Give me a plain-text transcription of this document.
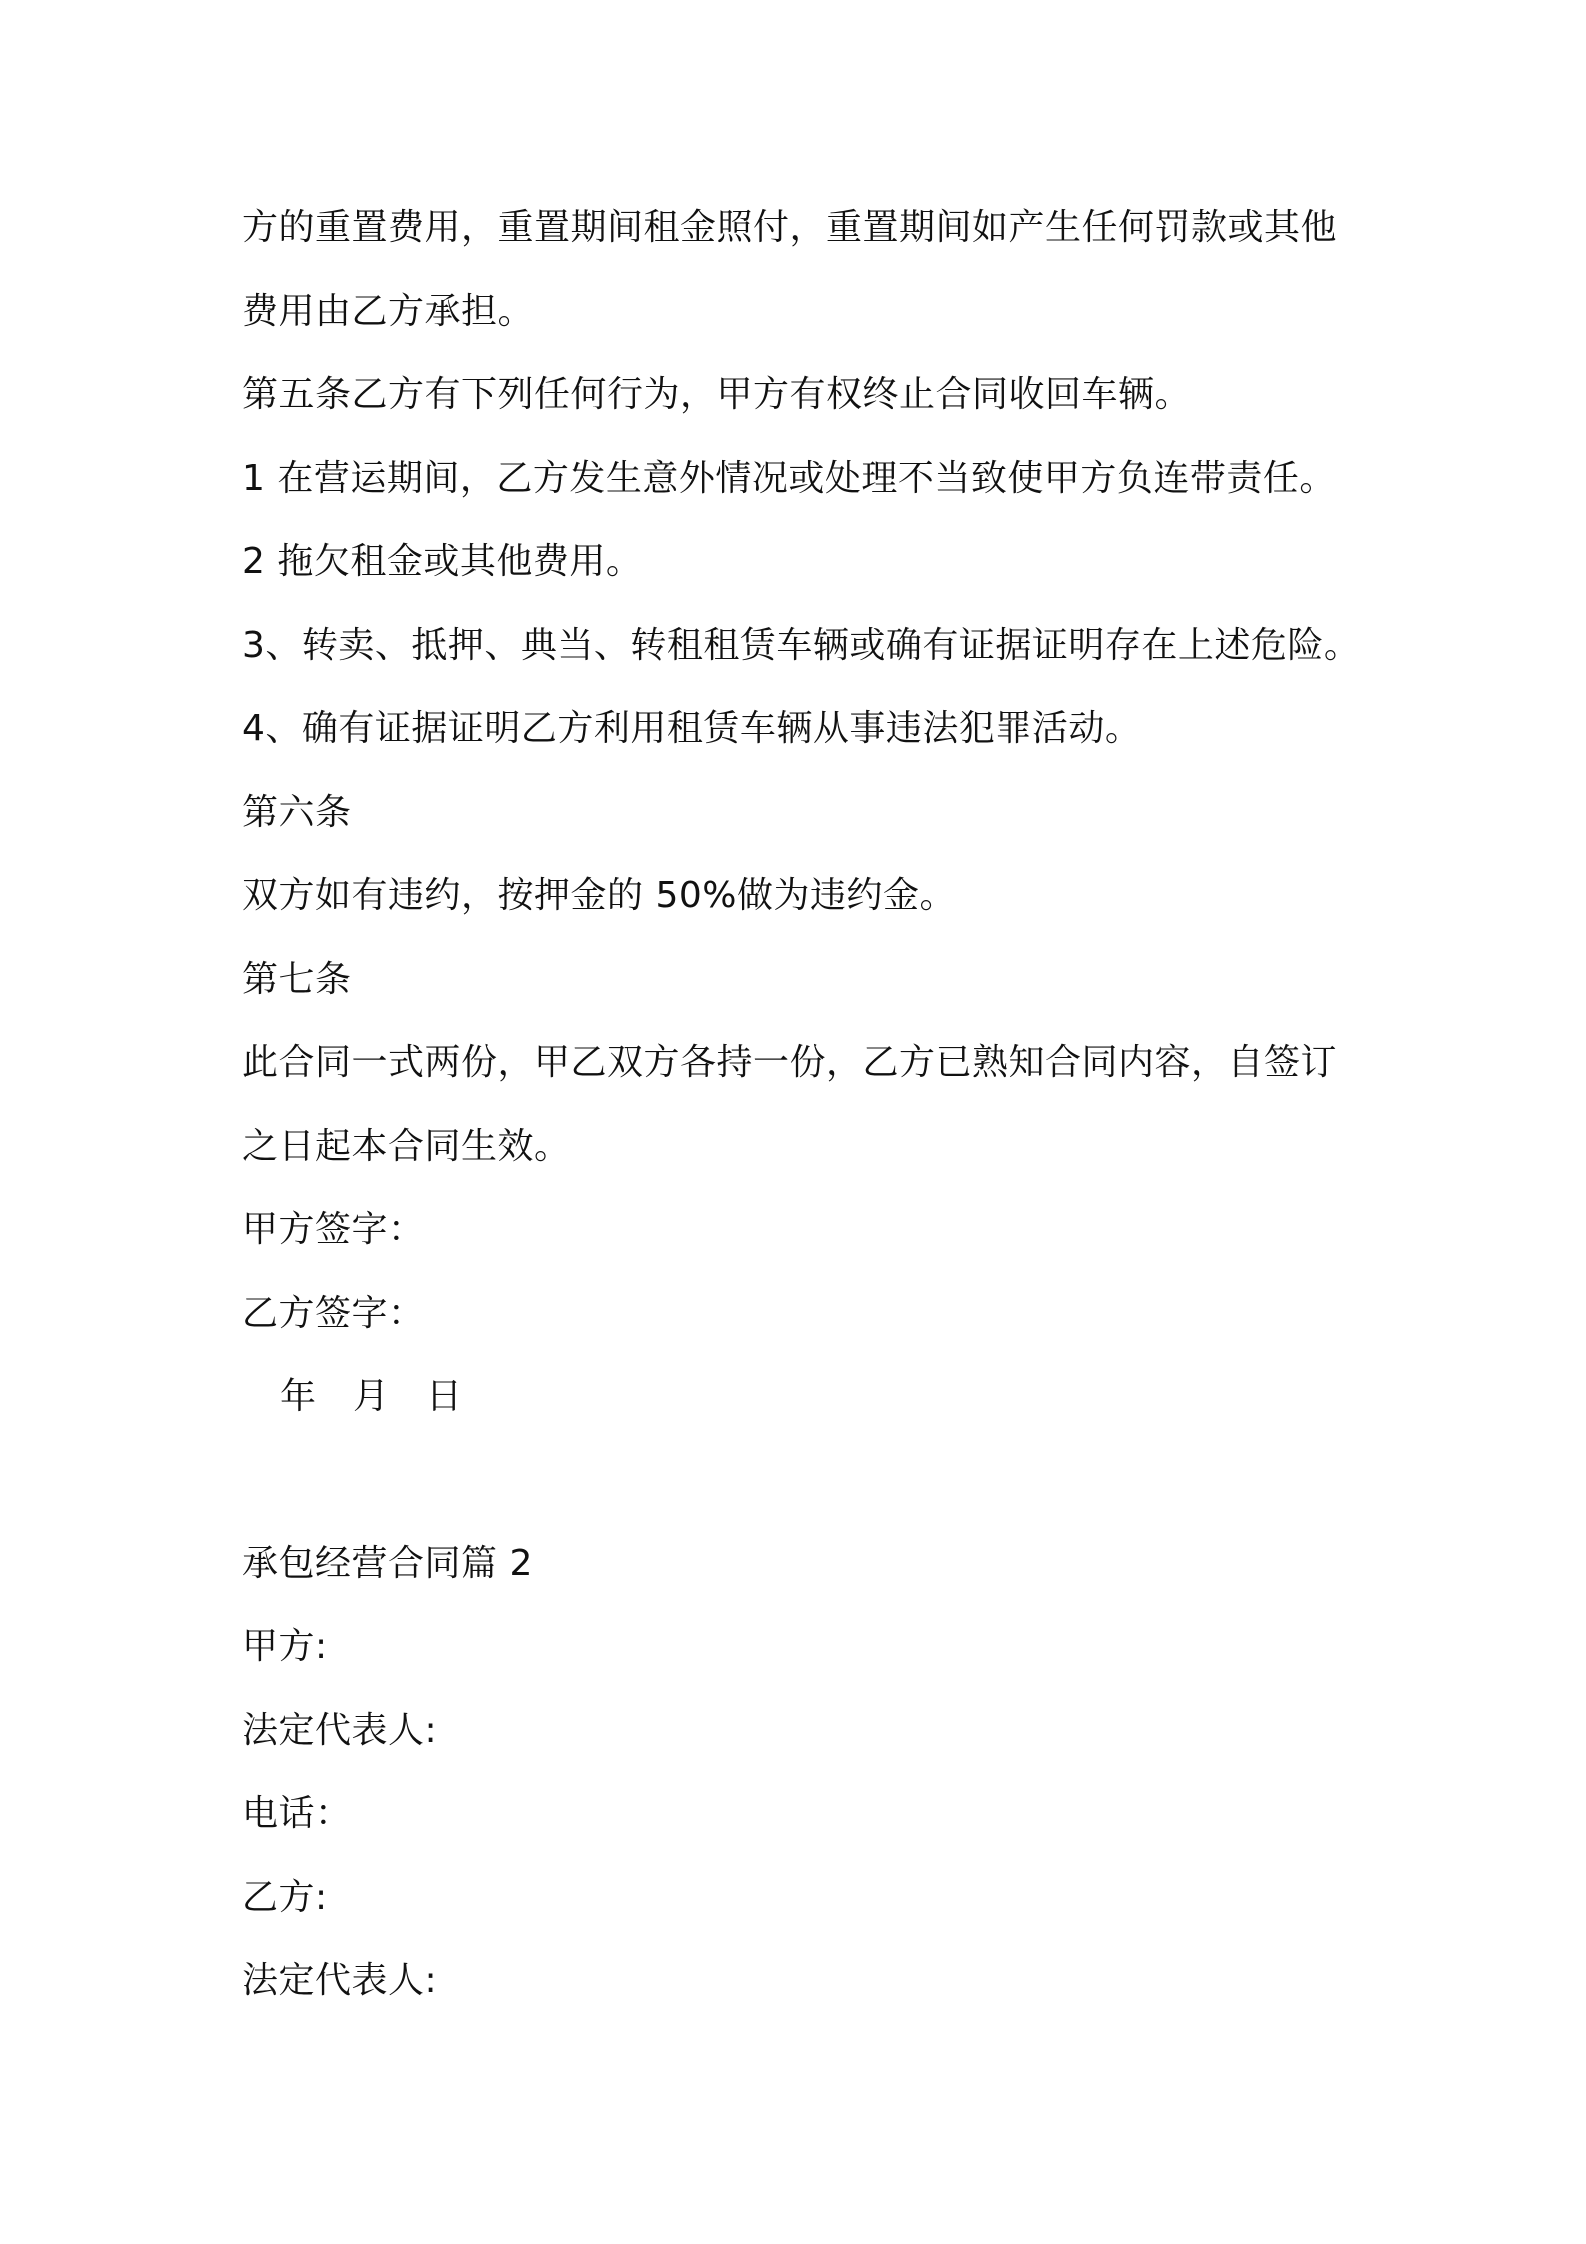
方的重置费用，重置期间租金照付，重置期间如产生任何罚款或其他
费用由乙方承担。
第五条乙方有下列任何行为，甲方有权终止合同收回车辆。
1 在营运期间，乙方发生意外情况或处理不当致使甲方负连带责任。
2 拖欠租金或其他费用。
3、转卖、抵押、典当、转租租赁车辆或确有证据证明存在上述危险。
4、确有证据证明乙方利用租赁车辆从事违法犯罪活动。
第六条
双方如有违约，按押金的 50%做为违约金。
第七条
此合同一式两份，甲乙双方各持一份，乙方已熟知合同内容，自签订
之日起本合同生效。
甲方签字：
乙方签字：
年　月　日
承包经营合同篇 2
甲方:
法定代表人:
电话：
乙方:
法定代表人:
